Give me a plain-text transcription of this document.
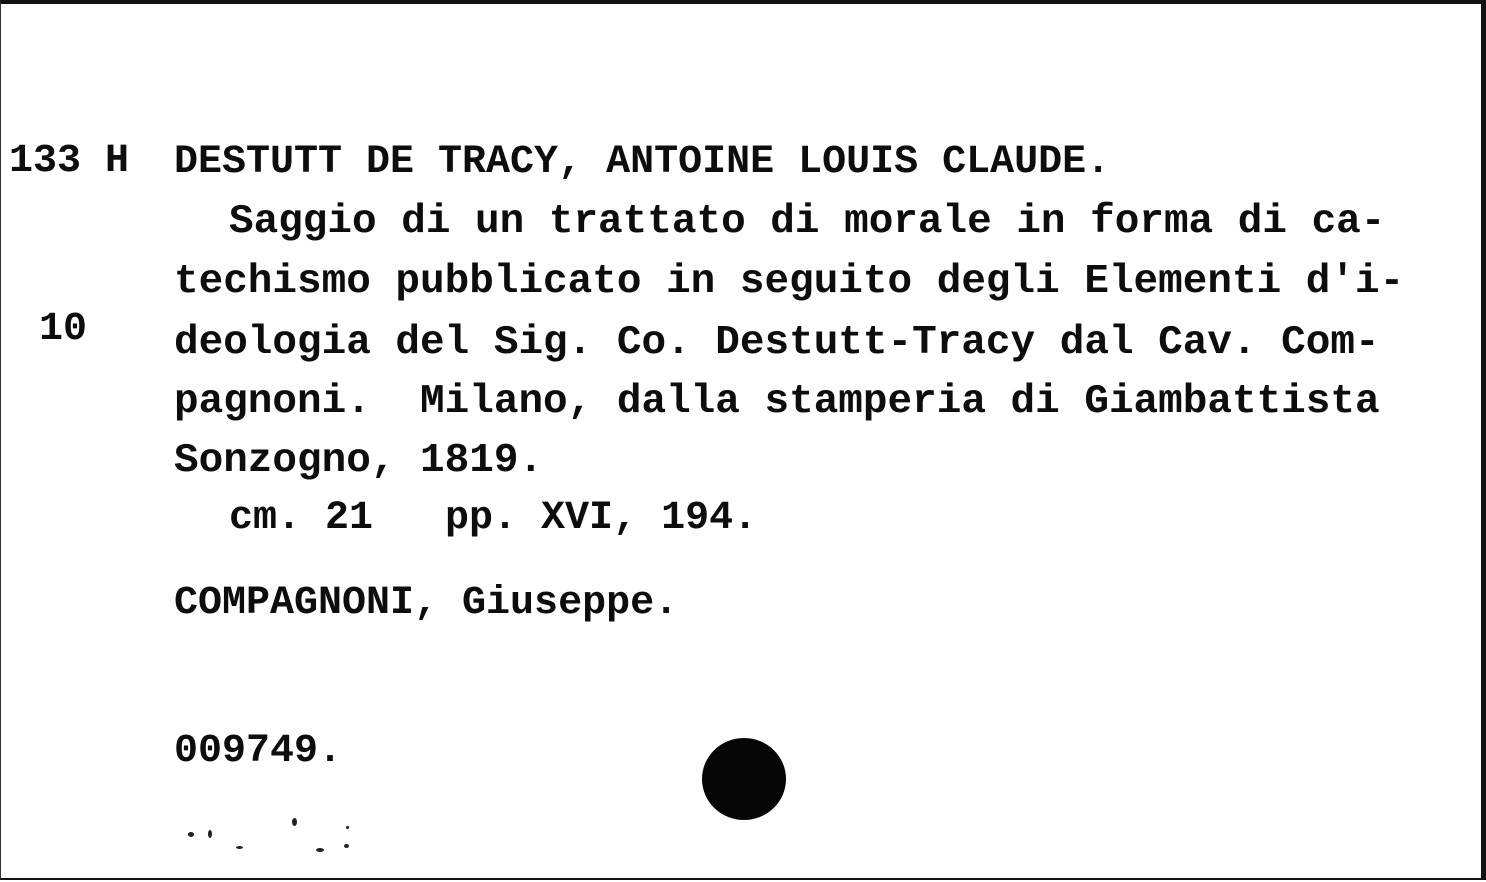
133 H

10

DESTUTT DE TRACY, ANTOINE LOUIS CLAUDE.
Saggio di un trattato di morale in forma di ca-
techismo pubblicato in seguito degli Elementi d'i-
deologia del Sig. Co. Destutt-Tracy dal Cav. Com-
pagnoni.  Milano, dalla stamperia di Giambattista
Sonzogno, 1819.
cm. 21   pp. XVI, 194.
COMPAGNONI, Giuseppe.
009749.
